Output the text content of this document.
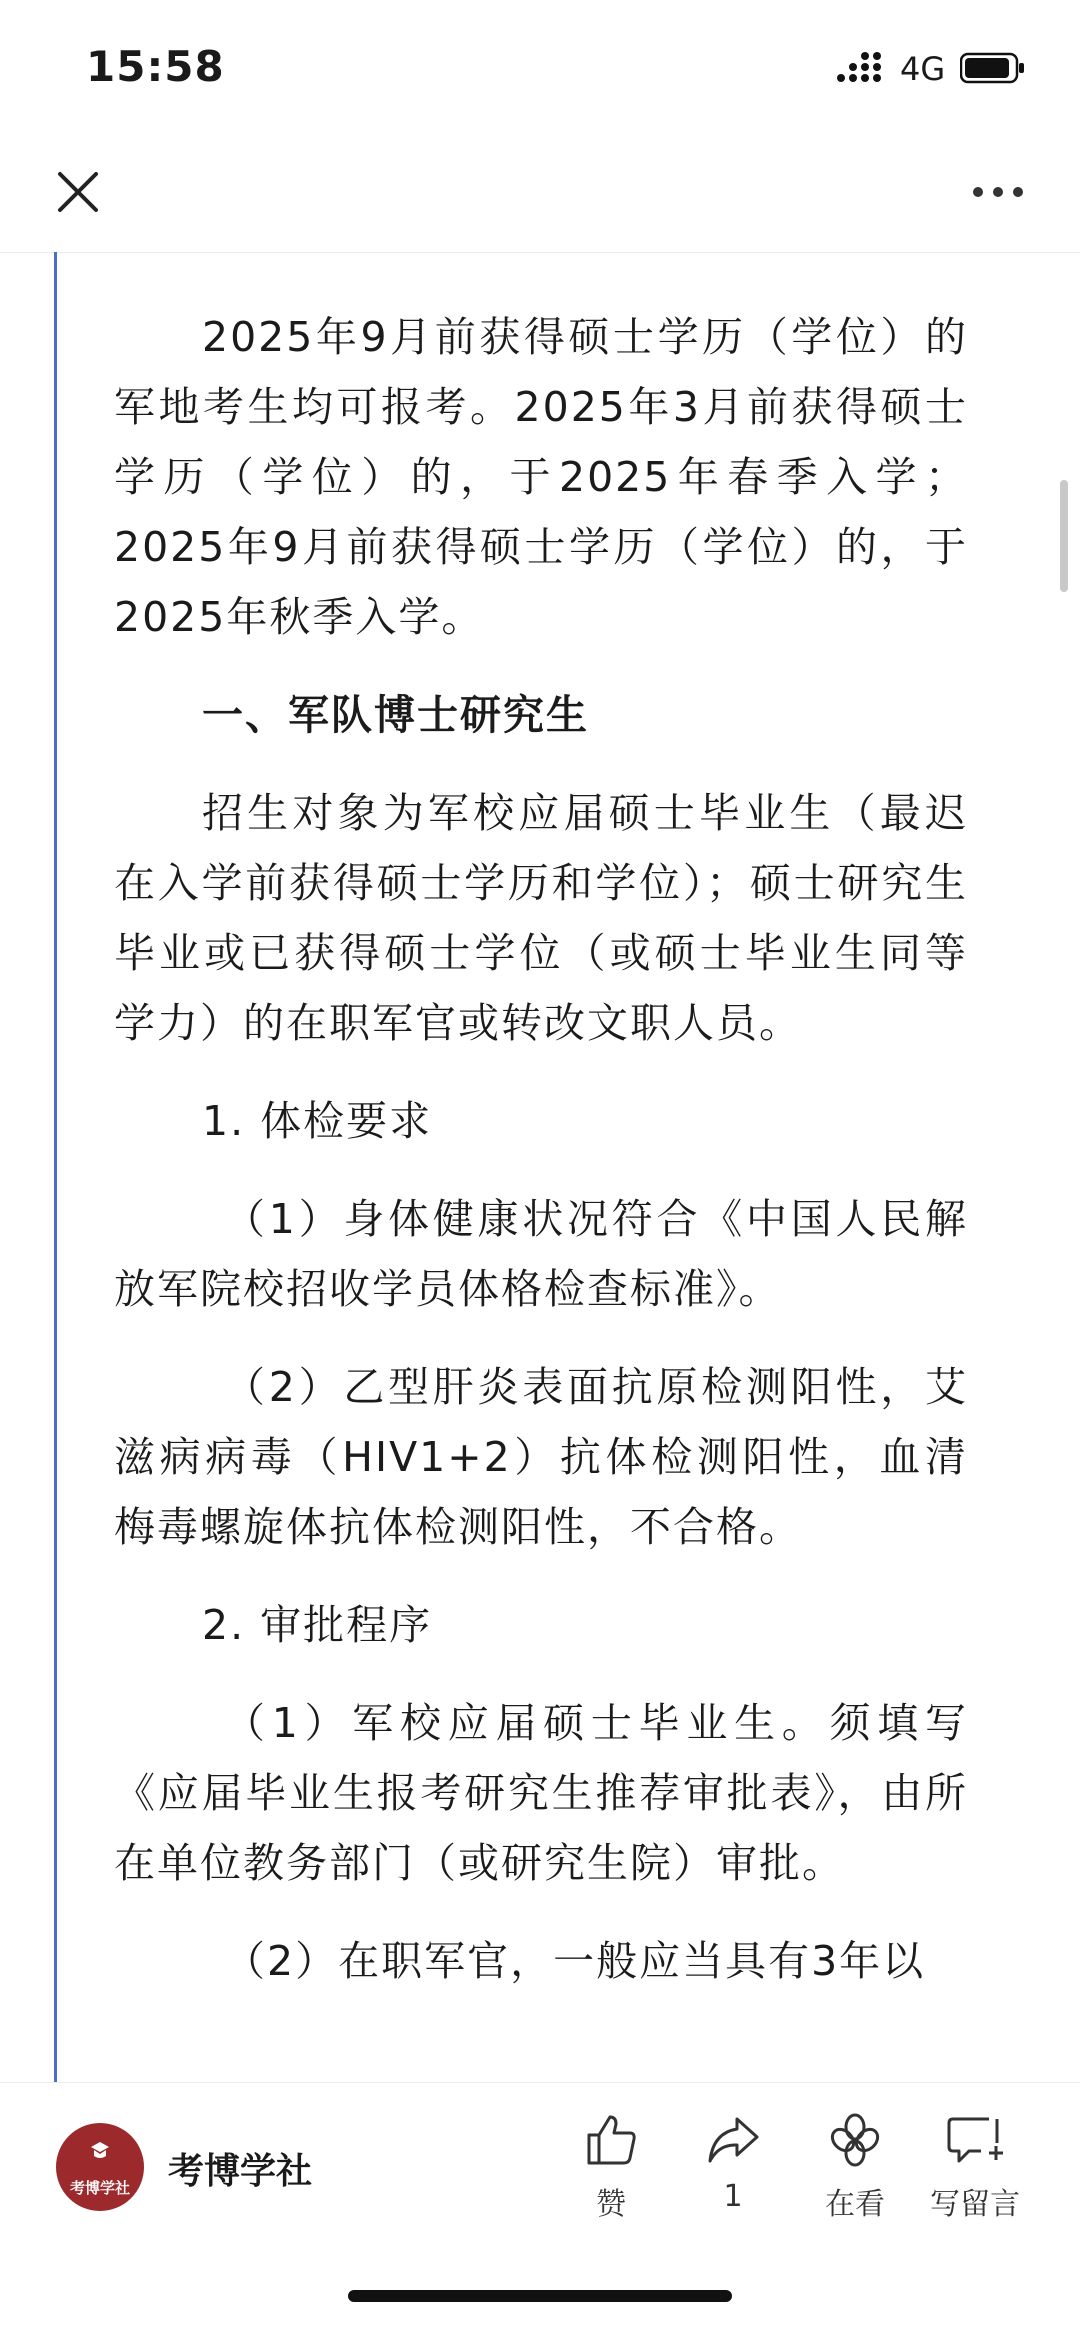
15:58	4G

2025年9月前获得硕士学历（学位）的军地考生均可报考。2025年3月前获得硕士学历（学位）的，于2025年春季入学；2025年9月前获得硕士学历（学位）的，于2025年秋季入学。

一、军队博士研究生

招生对象为军校应届硕士毕业生（最迟在入学前获得硕士学历和学位）；硕士研究生毕业或已获得硕士学位（或硕士毕业生同等学力）的在职军官或转改文职人员。

1. 体检要求

（1）身体健康状况符合《中国人民解放军院校招收学员体格检查标准》。

（2）乙型肝炎表面抗原检测阳性，艾滋病病毒（HIV1+2）抗体检测阳性，血清梅毒螺旋体抗体检测阳性，不合格。

2. 审批程序

（1）军校应届硕士毕业生。须填写《应届毕业生报考研究生推荐审批表》，由所在单位教务部门（或研究生院）审批。

（2）在职军官，一般应当具有3年以

考博学社	考博学社
赞	1	在看	写留言
